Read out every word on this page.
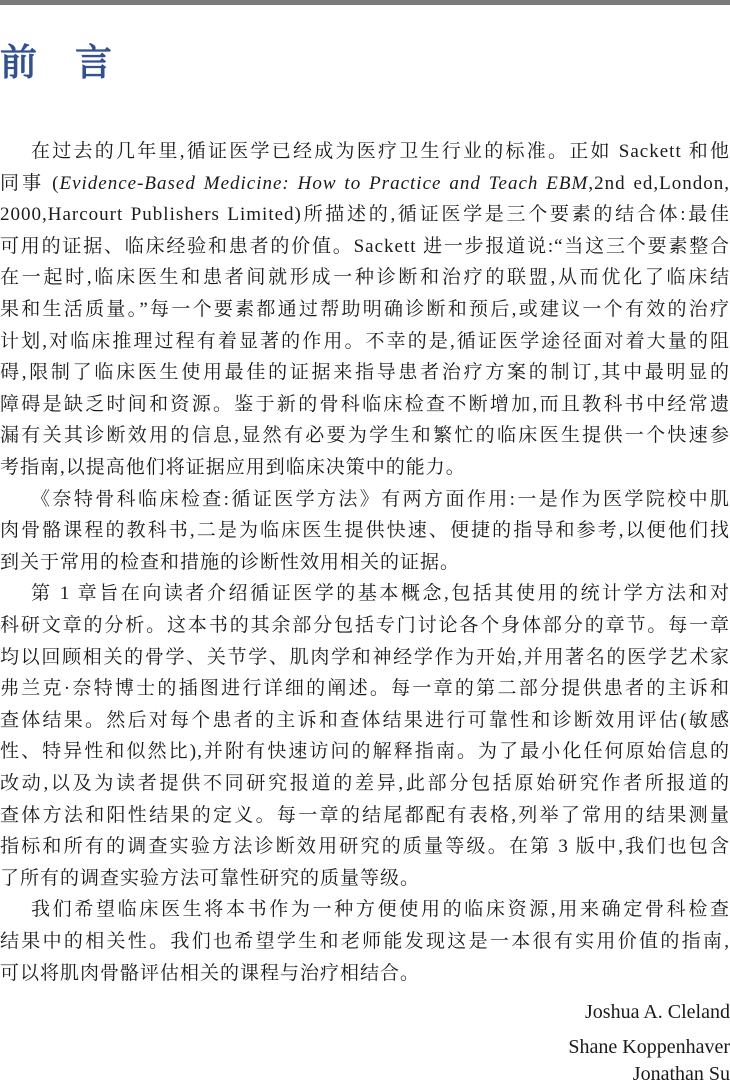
前 言
在过去的几年里,循证医学已经成为医疗卫生行业的标准。正如 Sackett 和他
同事 (Evidence-Based Medicine: How to Practice and Teach EBM,2nd ed,London,
2000,Harcourt Publishers Limited)所描述的,循证医学是三个要素的结合体:最佳
可用的证据、临床经验和患者的价值。Sackett 进一步报道说:“当这三个要素整合
在一起时,临床医生和患者间就形成一种诊断和治疗的联盟,从而优化了临床结
果和生活质量。”每一个要素都通过帮助明确诊断和预后,或建议一个有效的治疗
计划,对临床推理过程有着显著的作用。不幸的是,循证医学途径面对着大量的阻
碍,限制了临床医生使用最佳的证据来指导患者治疗方案的制订,其中最明显的
障碍是缺乏时间和资源。鉴于新的骨科临床检查不断增加,而且教科书中经常遗
漏有关其诊断效用的信息,显然有必要为学生和繁忙的临床医生提供一个快速参
考指南,以提高他们将证据应用到临床决策中的能力。
《奈特骨科临床检查:循证医学方法》有两方面作用:一是作为医学院校中肌
肉骨骼课程的教科书,二是为临床医生提供快速、便捷的指导和参考,以便他们找
到关于常用的检查和措施的诊断性效用相关的证据。
第 1 章旨在向读者介绍循证医学的基本概念,包括其使用的统计学方法和对
科研文章的分析。这本书的其余部分包括专门讨论各个身体部分的章节。每一章
均以回顾相关的骨学、关节学、肌肉学和神经学作为开始,并用著名的医学艺术家
弗兰克·奈特博士的插图进行详细的阐述。每一章的第二部分提供患者的主诉和
查体结果。然后对每个患者的主诉和查体结果进行可靠性和诊断效用评估(敏感
性、特异性和似然比),并附有快速访问的解释指南。为了最小化任何原始信息的
改动,以及为读者提供不同研究报道的差异,此部分包括原始研究作者所报道的
查体方法和阳性结果的定义。每一章的结尾都配有表格,列举了常用的结果测量
指标和所有的调查实验方法诊断效用研究的质量等级。在第 3 版中,我们也包含
了所有的调查实验方法可靠性研究的质量等级。
我们希望临床医生将本书作为一种方便使用的临床资源,用来确定骨科检查
结果中的相关性。我们也希望学生和老师能发现这是一本很有实用价值的指南,
可以将肌肉骨骼评估相关的课程与治疗相结合。
Joshua A. Cleland
Shane Koppenhaver
Jonathan Su
